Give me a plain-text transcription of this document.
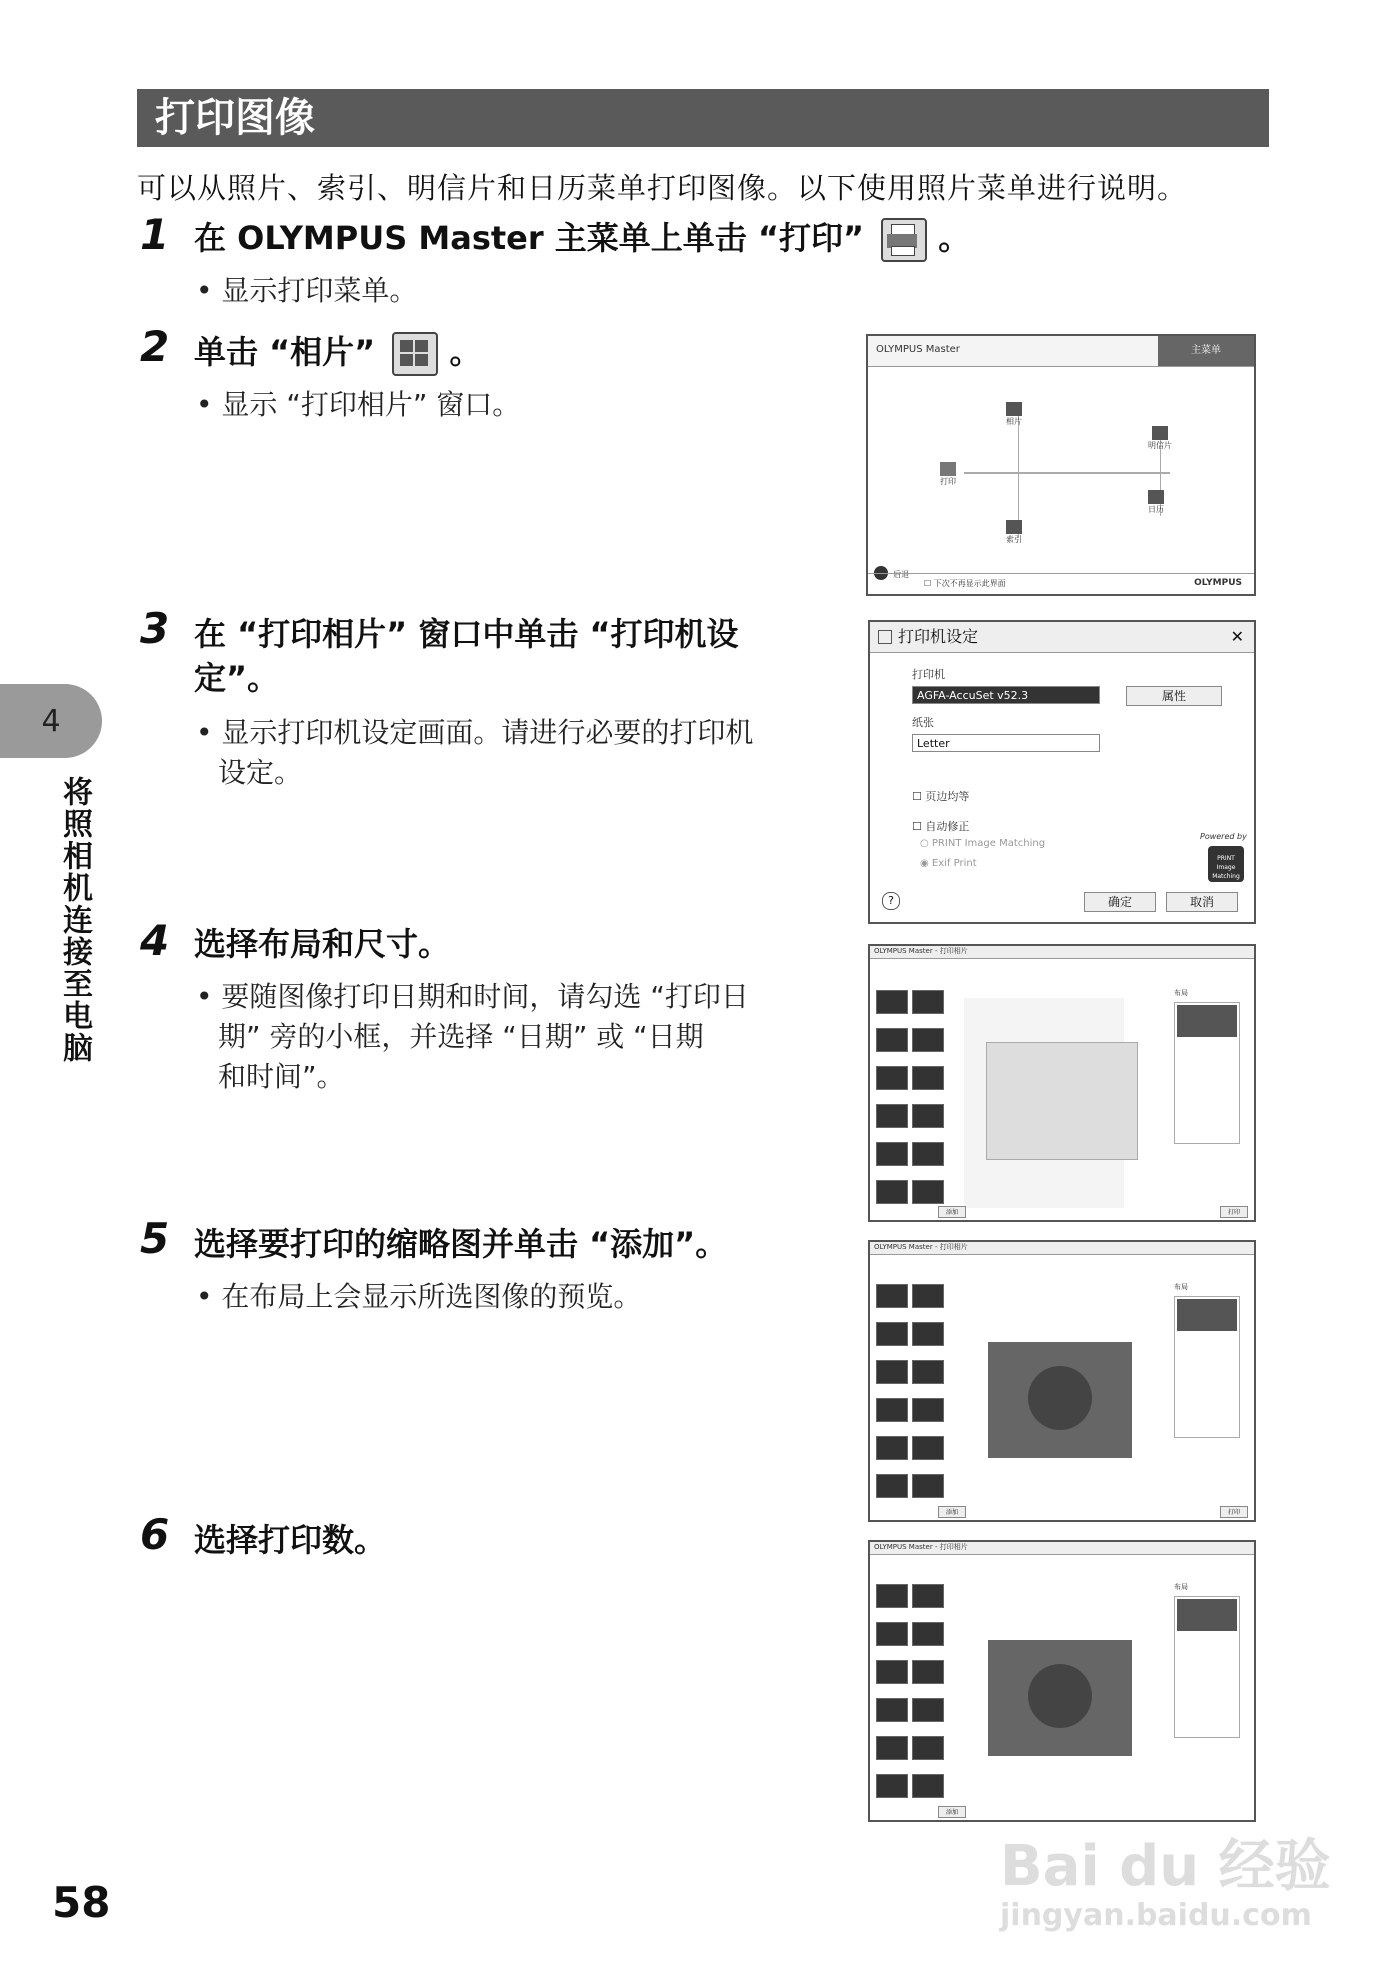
打印图像
可以从照片、索引、明信片和日历菜单打印图像。以下使用照片菜单进行说明。
1 在 OLYMPUS Master 主菜单上单击 “打印” 。
• 显示打印菜单。
2 单击 “相片” 。
• 显示 “打印相片” 窗口。
3 在 “打印相片” 窗口中单击 “打印机设
定”。
• 显示打印机设定画面。请进行必要的打印机
设定。
4 选择布局和尺寸。
• 要随图像打印日期和时间，请勾选 “打印日
期” 旁的小框，并选择 “日期” 或 “日期
和时间”。
5 选择要打印的缩略图并单击 “添加”。
• 在布局上会显示所选图像的预览。
6 选择打印数。
4
将照相机连接至电脑
58
OLYMPUS Master	主菜单
相片
明信片
打印
日历
索引
后退
☐ 下次不再显示此界面	OLYMPUS
打印机设定	✕
打印机
AGFA-AccuSet v52.3	属性
纸张
Letter
☐ 页边均等
☐ 自动修正
○ PRINT Image Matching
◉ Exif Print
Powered by
PRINT Image Matching
?	确定	取消
OLYMPUS Master - 打印相片
布局
添加	打印
OLYMPUS Master - 打印相片
布局
添加	打印
OLYMPUS Master - 打印相片
布局
添加
Bai du 经验
jingyan.baidu.com
